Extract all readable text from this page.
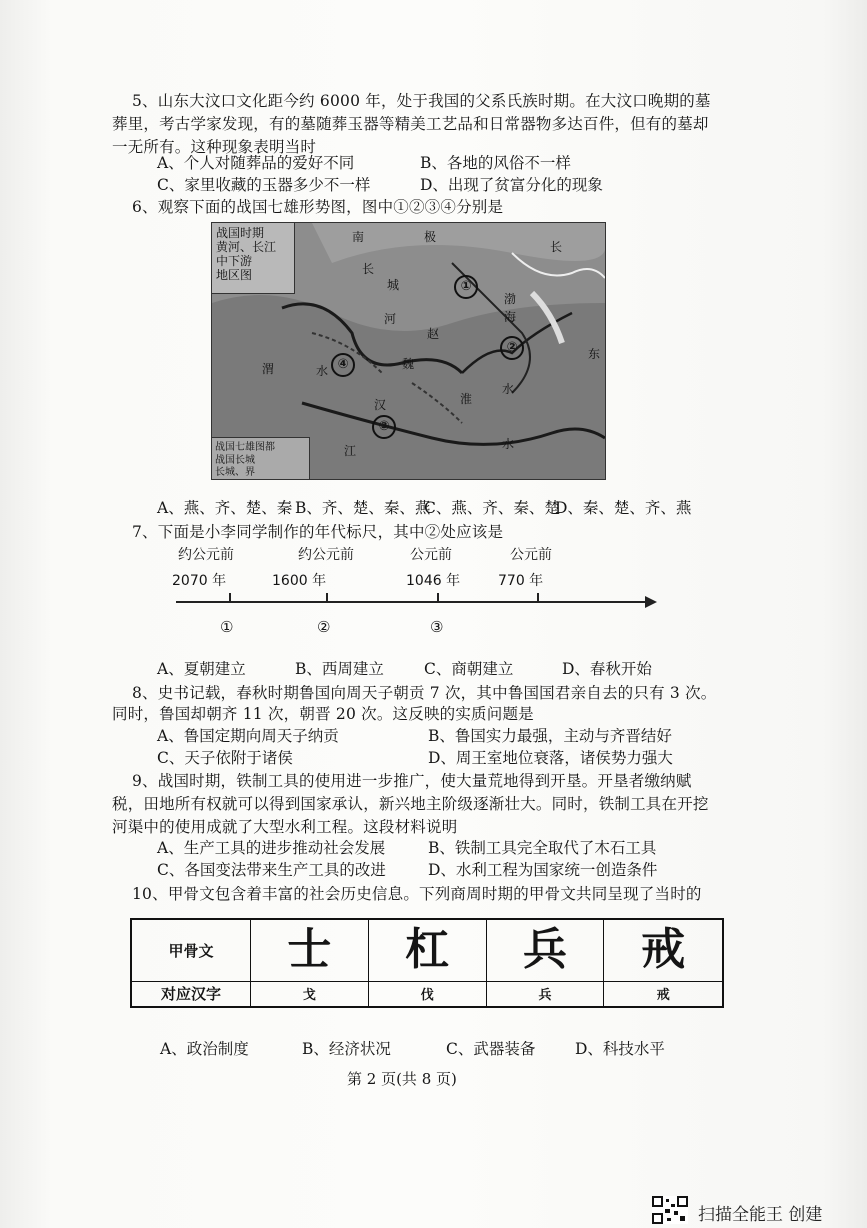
5、山东大汶口文化距今约 6000 年，处于我国的父系氏族时期。在大汶口晚期的墓
葬里，考古学家发现，有的墓随葬玉器等精美工艺品和日常器物多达百件，但有的墓却
一无所有。这种现象表明当时
A、个人对随葬品的爱好不同	B、各地的风俗不一样
C、家里收藏的玉器多少不一样	D、出现了贫富分化的现象
6、观察下面的战国七雄形势图，图中①②③④分别是
战国时期
黄河、长江
中下游
地区图
战国七雄图都
战国长城
长城、界
南	极
长
城
赵
河
魏
渤
海
东
渭	水
淮
汉
水
江	水
长
①
②
③
④
A、燕、齐、楚、秦 B、齐、楚、秦、燕
C、燕、齐、秦、楚
D、秦、楚、齐、燕
7、下面是小李同学制作的年代标尺，其中②处应该是
约公元前	约公元前	公元前	公元前
2070 年	1600 年	1046 年	770 年
①	②	③
A、夏朝建立	B、西周建立	C、商朝建立	D、春秋开始
8、史书记载，春秋时期鲁国向周天子朝贡 7 次，其中鲁国国君亲自去的只有 3 次。
同时，鲁国却朝齐 11 次，朝晋 20 次。这反映的实质问题是
A、鲁国定期向周天子纳贡	B、鲁国实力最强，主动与齐晋结好
C、天子依附于诸侯	D、周王室地位衰落，诸侯势力强大
9、战国时期，铁制工具的使用进一步推广，使大量荒地得到开垦。开垦者缴纳赋
税，田地所有权就可以得到国家承认，新兴地主阶级逐渐壮大。同时，铁制工具在开挖
河渠中的使用成就了大型水利工程。这段材料说明
A、生产工具的进步推动社会发展	B、铁制工具完全取代了木石工具
C、各国变法带来生产工具的改进	D、水利工程为国家统一创造条件
10、甲骨文包含着丰富的社会历史信息。下列商周时期的甲骨文共同呈现了当时的
甲骨文	士	杠	兵	戒
对应汉字	戈	伐	兵	戒
A、政治制度	B、经济状况	C、武器装备	D、科技水平
第 2 页(共 8 页)
扫描全能王 创建
